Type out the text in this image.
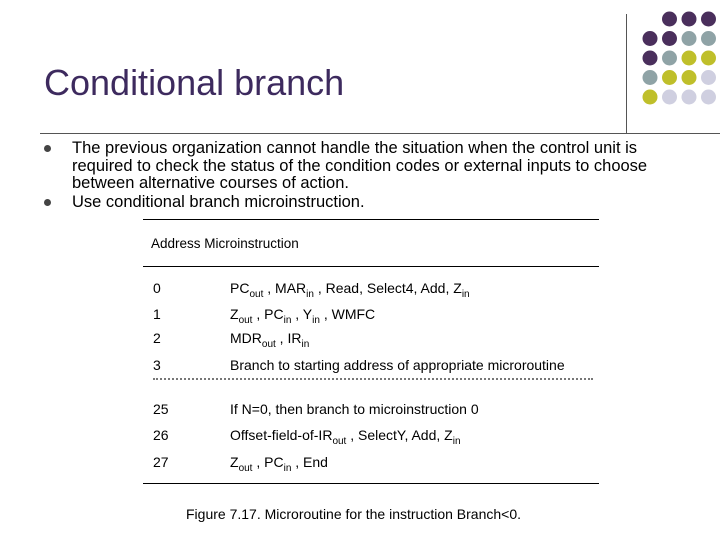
Conditional branch
The previous organization cannot handle the situation when the control unit is required to check the status of the condition codes or external inputs to choose between alternative courses of action.
Use conditional branch microinstruction.
Address Microinstruction
0	$PC_{out}$ , $MAR_{in}$ , Read, Select4, Add, $Z_{in}$
1	$Z_{out}$ , $PC_{in}$ , $Y_{in}$ , WMFC
2	$MDR_{out}$ , $IR_{in}$
3	Branch to starting address of appropriate microroutine
25	If N=0, then branch to microinstruction 0
26	Offset-$field-of-IR_{out}$ , SelectY, Add, $Z_{in}$
27	$Z_{out}$ , $PC_{in}$ , End
Figure 7.17. Microroutine for the instruction Branch<0.
